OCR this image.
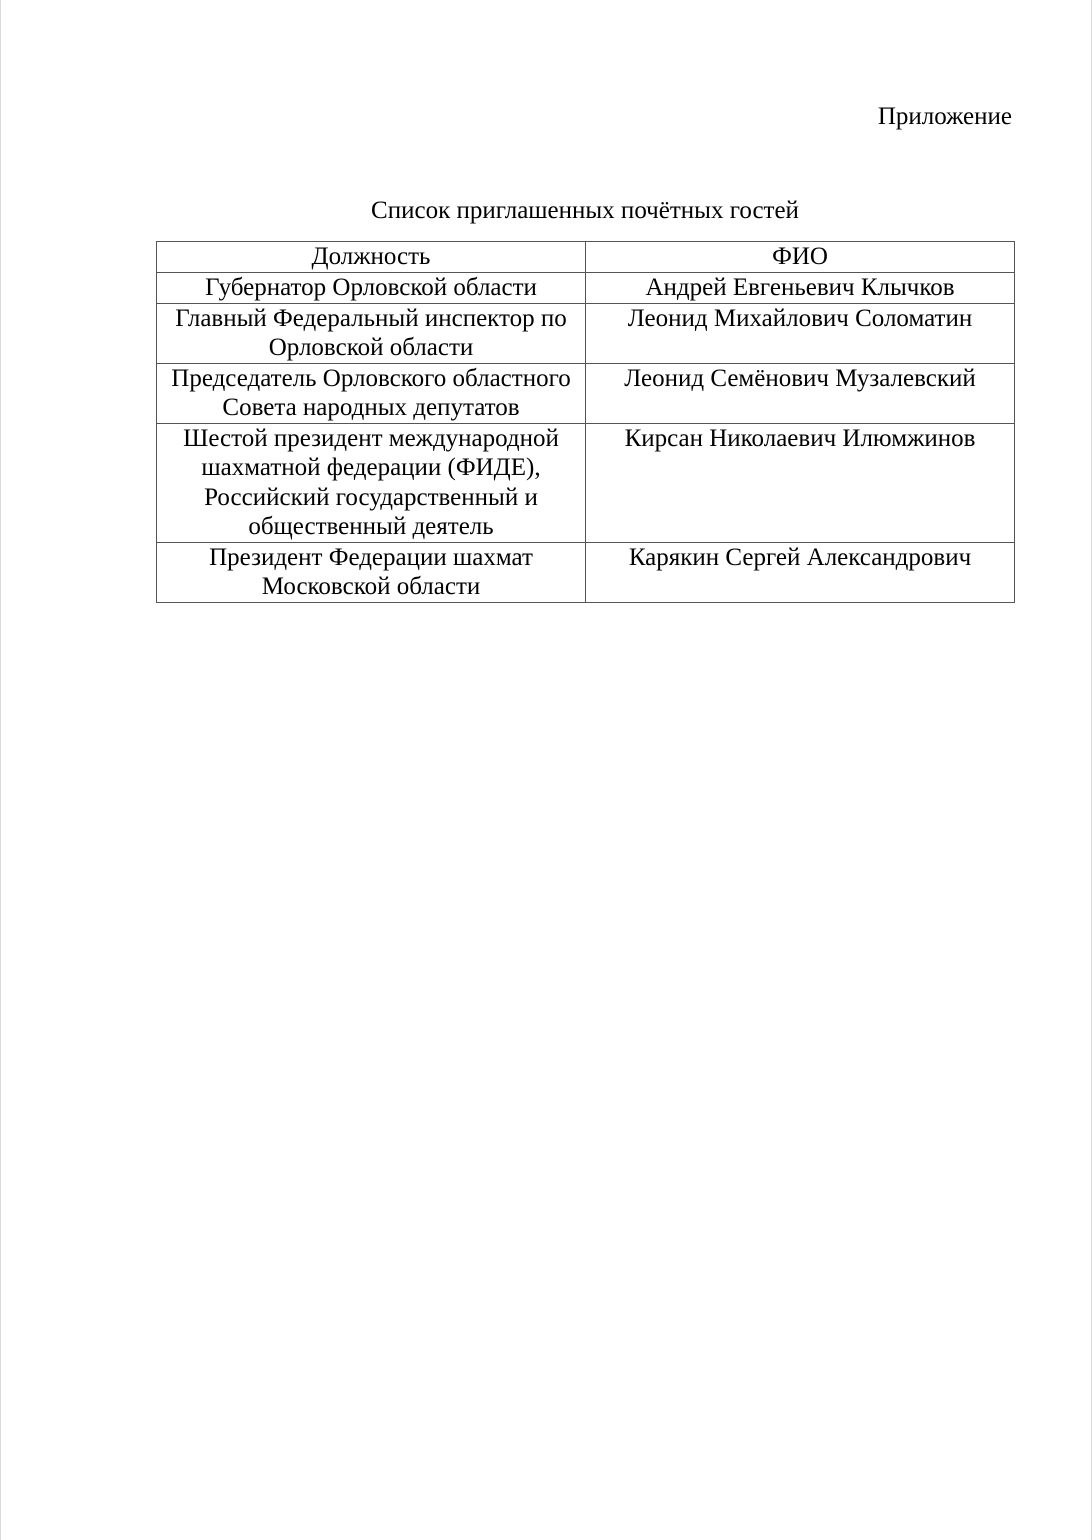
Приложение
Список приглашенных почётных гостей
Должность	ФИО
Губернатор Орловской области	Андрей Евгеньевич Клычков
Главный Федеральный инспектор по Орловской области	Леонид Михайлович Соломатин
Председатель Орловского областного Совета народных депутатов	Леонид Семёнович Музалевский
Шестой президент международной шахматной федерации (ФИДЕ), Российский государственный и общественный деятель	Кирсан Николаевич Илюмжинов
Президент Федерации шахмат Московской области	Карякин Сергей Александрович
